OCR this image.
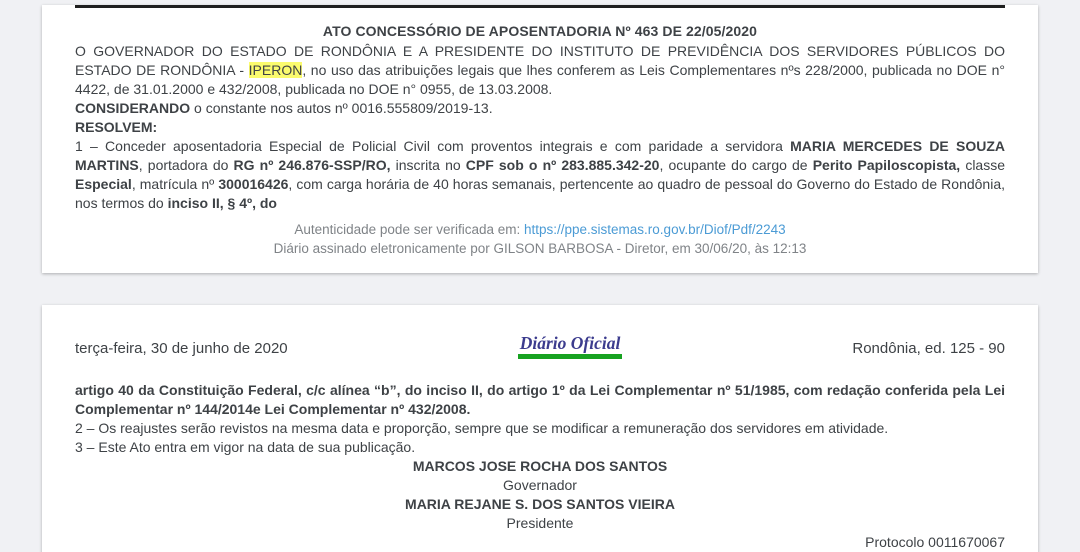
ATO CONCESSÓRIO DE APOSENTADORIA Nº 463 DE 22/05/2020

O GOVERNADOR DO ESTADO DE RONDÔNIA E A PRESIDENTE DO INSTITUTO DE PREVIDÊNCIA DOS SERVIDORES PÚBLICOS DO ESTADO DE RONDÔNIA - IPERON, no uso das atribuições legais que lhes conferem as Leis Complementares nºs 228/2000, publicada no DOE n° 4422, de 31.01.2000 e 432/2008, publicada no DOE n° 0955, de 13.03.2008.

CONSIDERANDO o constante nos autos nº 0016.555809/2019-13.

RESOLVEM:

1 – Conceder aposentadoria Especial de Policial Civil com proventos integrais e com paridade a servidora MARIA MERCEDES DE SOUZA MARTINS, portadora do RG nº 246.876-SSP/RO, inscrita no CPF sob o nº 283.885.342-20, ocupante do cargo de Perito Papiloscopista, classe Especial, matrícula nº 300016426, com carga horária de 40 horas semanais, pertencente ao quadro de pessoal do Governo do Estado de Rondônia, nos termos do inciso II, § 4º, do

Autenticidade pode ser verificada em: https://ppe.sistemas.ro.gov.br/Diof/Pdf/2243

Diário assinado eletronicamente por GILSON BARBOSA - Diretor, em 30/06/20, às 12:13

terça-feira, 30 de junho de 2020	Diário Oficial	Rondônia, ed. 125 - 90

artigo 40 da Constituição Federal, c/c alínea “b”, do inciso II, do artigo 1º da Lei Complementar nº 51/1985, com redação conferida pela Lei Complementar nº 144/2014e Lei Complementar nº 432/2008.

2 – Os reajustes serão revistos na mesma data e proporção, sempre que se modificar a remuneração dos servidores em atividade.

3 – Este Ato entra em vigor na data de sua publicação.

MARCOS JOSE ROCHA DOS SANTOS

Governador

MARIA REJANE S. DOS SANTOS VIEIRA

Presidente

Protocolo 0011670067
